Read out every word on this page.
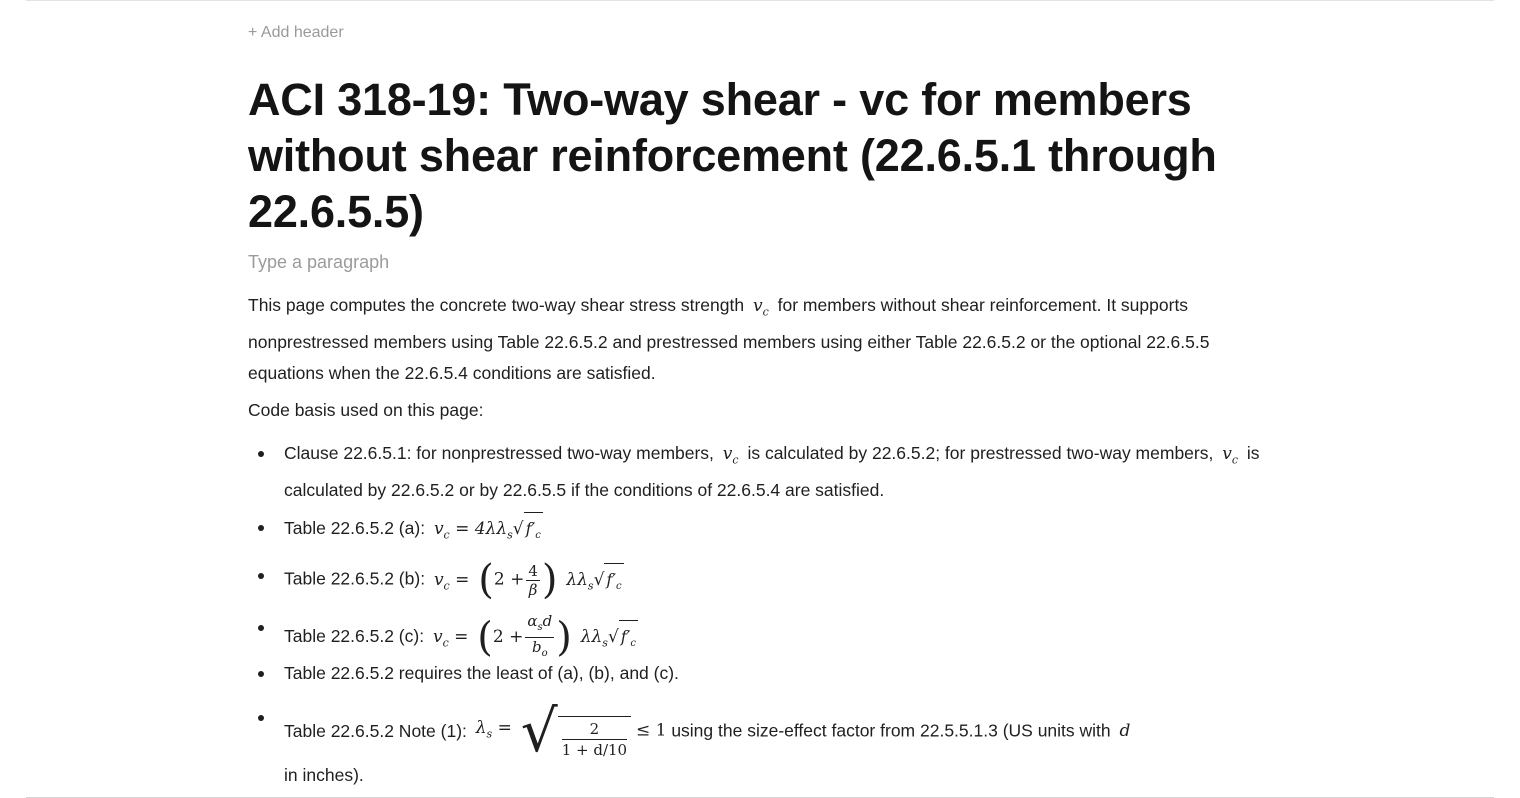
+ Add header
ACI 318-19: Two-way shear - vc for members without shear reinforcement (22.6.5.1 through 22.6.5.5)
Type a paragraph

This page computes the concrete two-way shear stress strength $v_c$ for members without shear reinforcement. It supports nonprestressed members using Table 22.6.5.2 and prestressed members using either Table 22.6.5.2 or the optional 22.6.5.5 equations when the 22.6.5.4 conditions are satisfied.

Code basis used on this page:

Clause 22.6.5.1: for nonprestressed two-way members, $v_c$ is calculated by 22.6.5.2; for prestressed two-way members, $v_c$ is calculated by 22.6.5.2 or by 22.6.5.5 if the conditions of 22.6.5.4 are satisfied.
Table 22.6.5.2 (a): $v_c = 4\lambda\lambda_s√$ $f'_c$
Table 22.6.5.2 (b): $v_c = (2 + \frac{4}{\beta}$ ) $\lambda\lambda_s√$ $f'_c$
Table 22.6.5.2 (c): $v_c = (2 + \frac{\alpha_sd}{b_o}$ ) $\lambda\lambda_s√$ $f'_c$
Table 22.6.5.2 requires the least of (a), (b), and (c).
Table 22.6.5.2 Note (1): $\lambda_s$ = √	2
1 + d/10
≤ 1 using the size-effect factor from 22.5.5.1.3 (US units with d
in inches).
